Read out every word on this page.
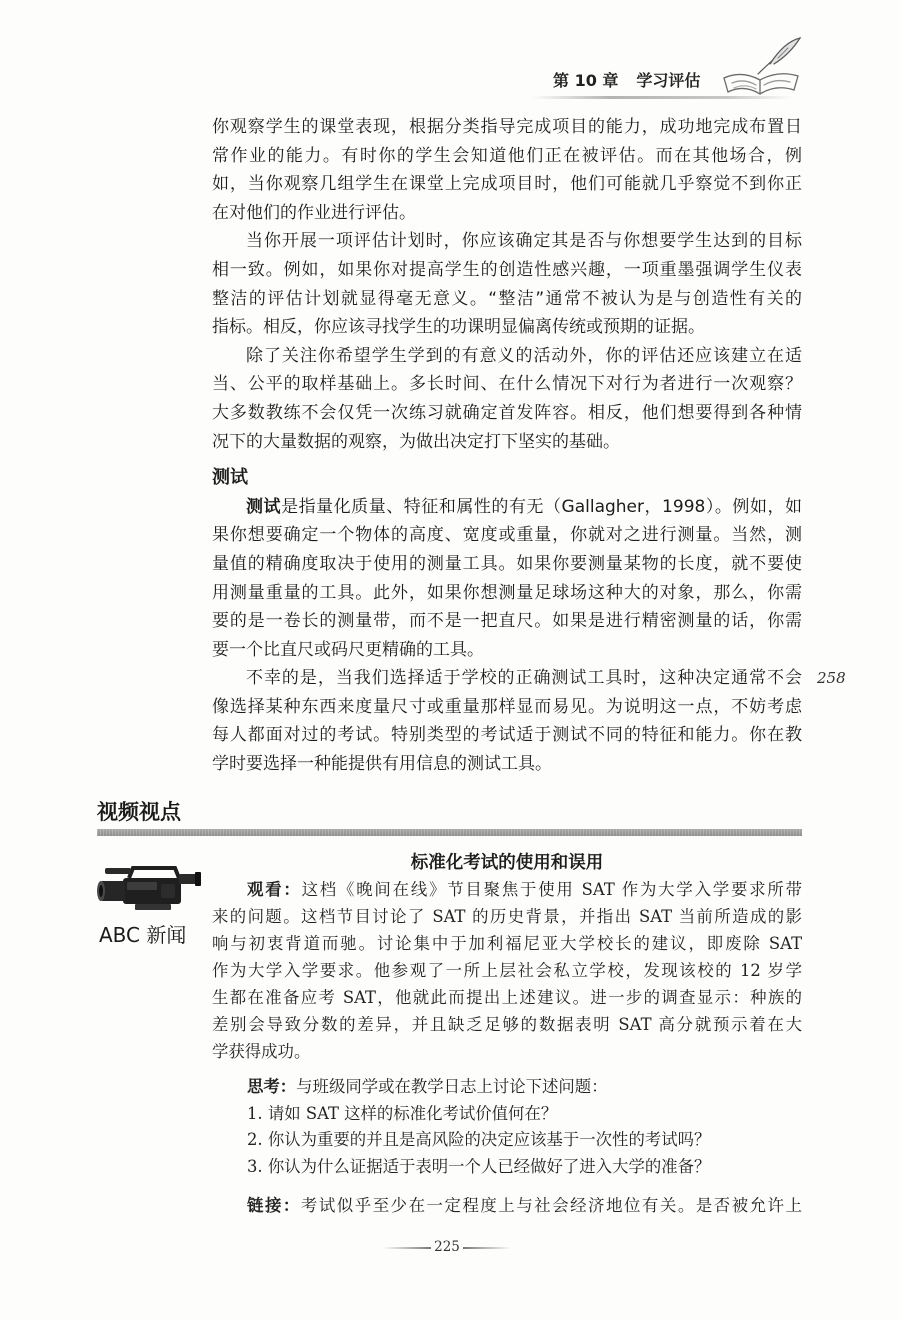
第 10 章 学习评估
你观察学生的课堂表现，根据分类指导完成项目的能力，成功地完成布置日
常作业的能力。有时你的学生会知道他们正在被评估。而在其他场合，例
如，当你观察几组学生在课堂上完成项目时，他们可能就几乎察觉不到你正
在对他们的作业进行评估。
当你开展一项评估计划时，你应该确定其是否与你想要学生达到的目标
相一致。例如，如果你对提高学生的创造性感兴趣，一项重墨强调学生仪表
整洁的评估计划就显得毫无意义。“整洁”通常不被认为是与创造性有关的
指标。相反，你应该寻找学生的功课明显偏离传统或预期的证据。
除了关注你希望学生学到的有意义的活动外，你的评估还应该建立在适
当、公平的取样基础上。多长时间、在什么情况下对行为者进行一次观察？
大多数教练不会仅凭一次练习就确定首发阵容。相反，他们想要得到各种情
况下的大量数据的观察，为做出决定打下坚实的基础。
测试
测试是指量化质量、特征和属性的有无（Gallagher，1998）。例如，如
果你想要确定一个物体的高度、宽度或重量，你就对之进行测量。当然，测
量值的精确度取决于使用的测量工具。如果你要测量某物的长度，就不要使
用测量重量的工具。此外，如果你想测量足球场这种大的对象，那么，你需
要的是一卷长的测量带，而不是一把直尺。如果是进行精密测量的话，你需
要一个比直尺或码尺更精确的工具。
不幸的是，当我们选择适于学校的正确测试工具时，这种决定通常不会
像选择某种东西来度量尺寸或重量那样显而易见。为说明这一点，不妨考虑
每人都面对过的考试。特别类型的考试适于测试不同的特征和能力。你在教
学时要选择一种能提供有用信息的测试工具。
258
视频视点
ABC 新闻
标准化考试的使用和误用
观看：这档《晚间在线》节目聚焦于使用 SAT 作为大学入学要求所带
来的问题。这档节目讨论了 SAT 的历史背景，并指出 SAT 当前所造成的影
响与初衷背道而驰。讨论集中于加利福尼亚大学校长的建议，即废除 SAT
作为大学入学要求。他参观了一所上层社会私立学校，发现该校的 12 岁学
生都在准备应考 SAT，他就此而提出上述建议。进一步的调查显示：种族的
差别会导致分数的差异，并且缺乏足够的数据表明 SAT 高分就预示着在大
学获得成功。
思考：与班级同学或在教学日志上讨论下述问题：
1. 请如 SAT 这样的标准化考试价值何在？
2. 你认为重要的并且是高风险的决定应该基于一次性的考试吗？
3. 你认为什么证据适于表明一个人已经做好了进入大学的准备？
链接：考试似乎至少在一定程度上与社会经济地位有关。是否被允许上
225
